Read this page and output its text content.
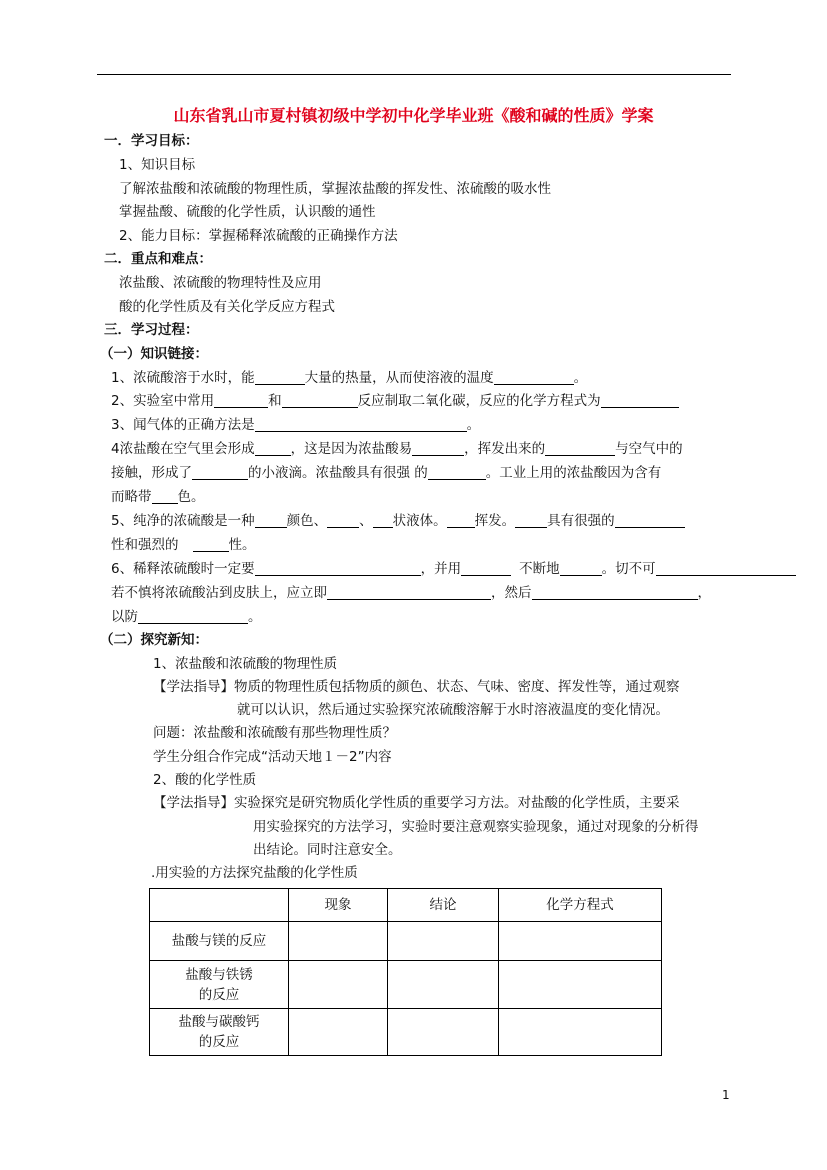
山东省乳山市夏村镇初级中学初中化学毕业班《酸和碱的性质》学案
一．学习目标：
1、知识目标
了解浓盐酸和浓硫酸的物理性质，掌握浓盐酸的挥发性、浓硫酸的吸水性
掌握盐酸、硫酸的化学性质，认识酸的通性
2、能力目标：掌握稀释浓硫酸的正确操作方法
二．重点和难点：
浓盐酸、浓硫酸的物理特性及应用
酸的化学性质及有关化学反应方程式
三．学习过程：
（一）知识链接：
1、浓硫酸溶于水时，能	大量的热量，从而使溶液的温度	。
2、实验室中常用	和	反应制取二氧化碳，反应的化学方程式为
3、闻气体的正确方法是	。
4浓盐酸在空气里会形成	，这是因为浓盐酸易	，挥发出来的	与空气中的
接触，形成了	的小液滴。浓盐酸具有很强 的	。工业上用的浓盐酸因为含有
而略带 色。
5、纯净的浓硫酸是一种 颜色、 、 状液体。 挥发。 具有很强的
性和强烈的	性。
6、稀释浓硫酸时一定要	，并用	不断地	。切不可
若不慎将浓硫酸沾到皮肤上，应立即	，然后	，
以防	。
（二）探究新知：
1、浓盐酸和浓硫酸的物理性质
【学法指导】物质的物理性质包括物质的颜色、状态、气味、密度、挥发性等，通过观察
就可以认识，然后通过实验探究浓硫酸溶解于水时溶液温度的变化情况。
问题：浓盐酸和浓硫酸有那些物理性质？
学生分组合作完成“活动天地１－2”内容
2、酸的化学性质
【学法指导】实验探究是研究物质化学性质的重要学习方法。对盐酸的化学性质，主要采
用实验探究的方法学习，实验时要注意观察实验现象，通过对现象的分析得
出结论。同时注意安全。
.用实验的方法探究盐酸的化学性质
	现象	结论	化学方程式
盐酸与镁的反应			

盐酸与铁锈
的反应			

盐酸与碳酸钙
的反应			

1
